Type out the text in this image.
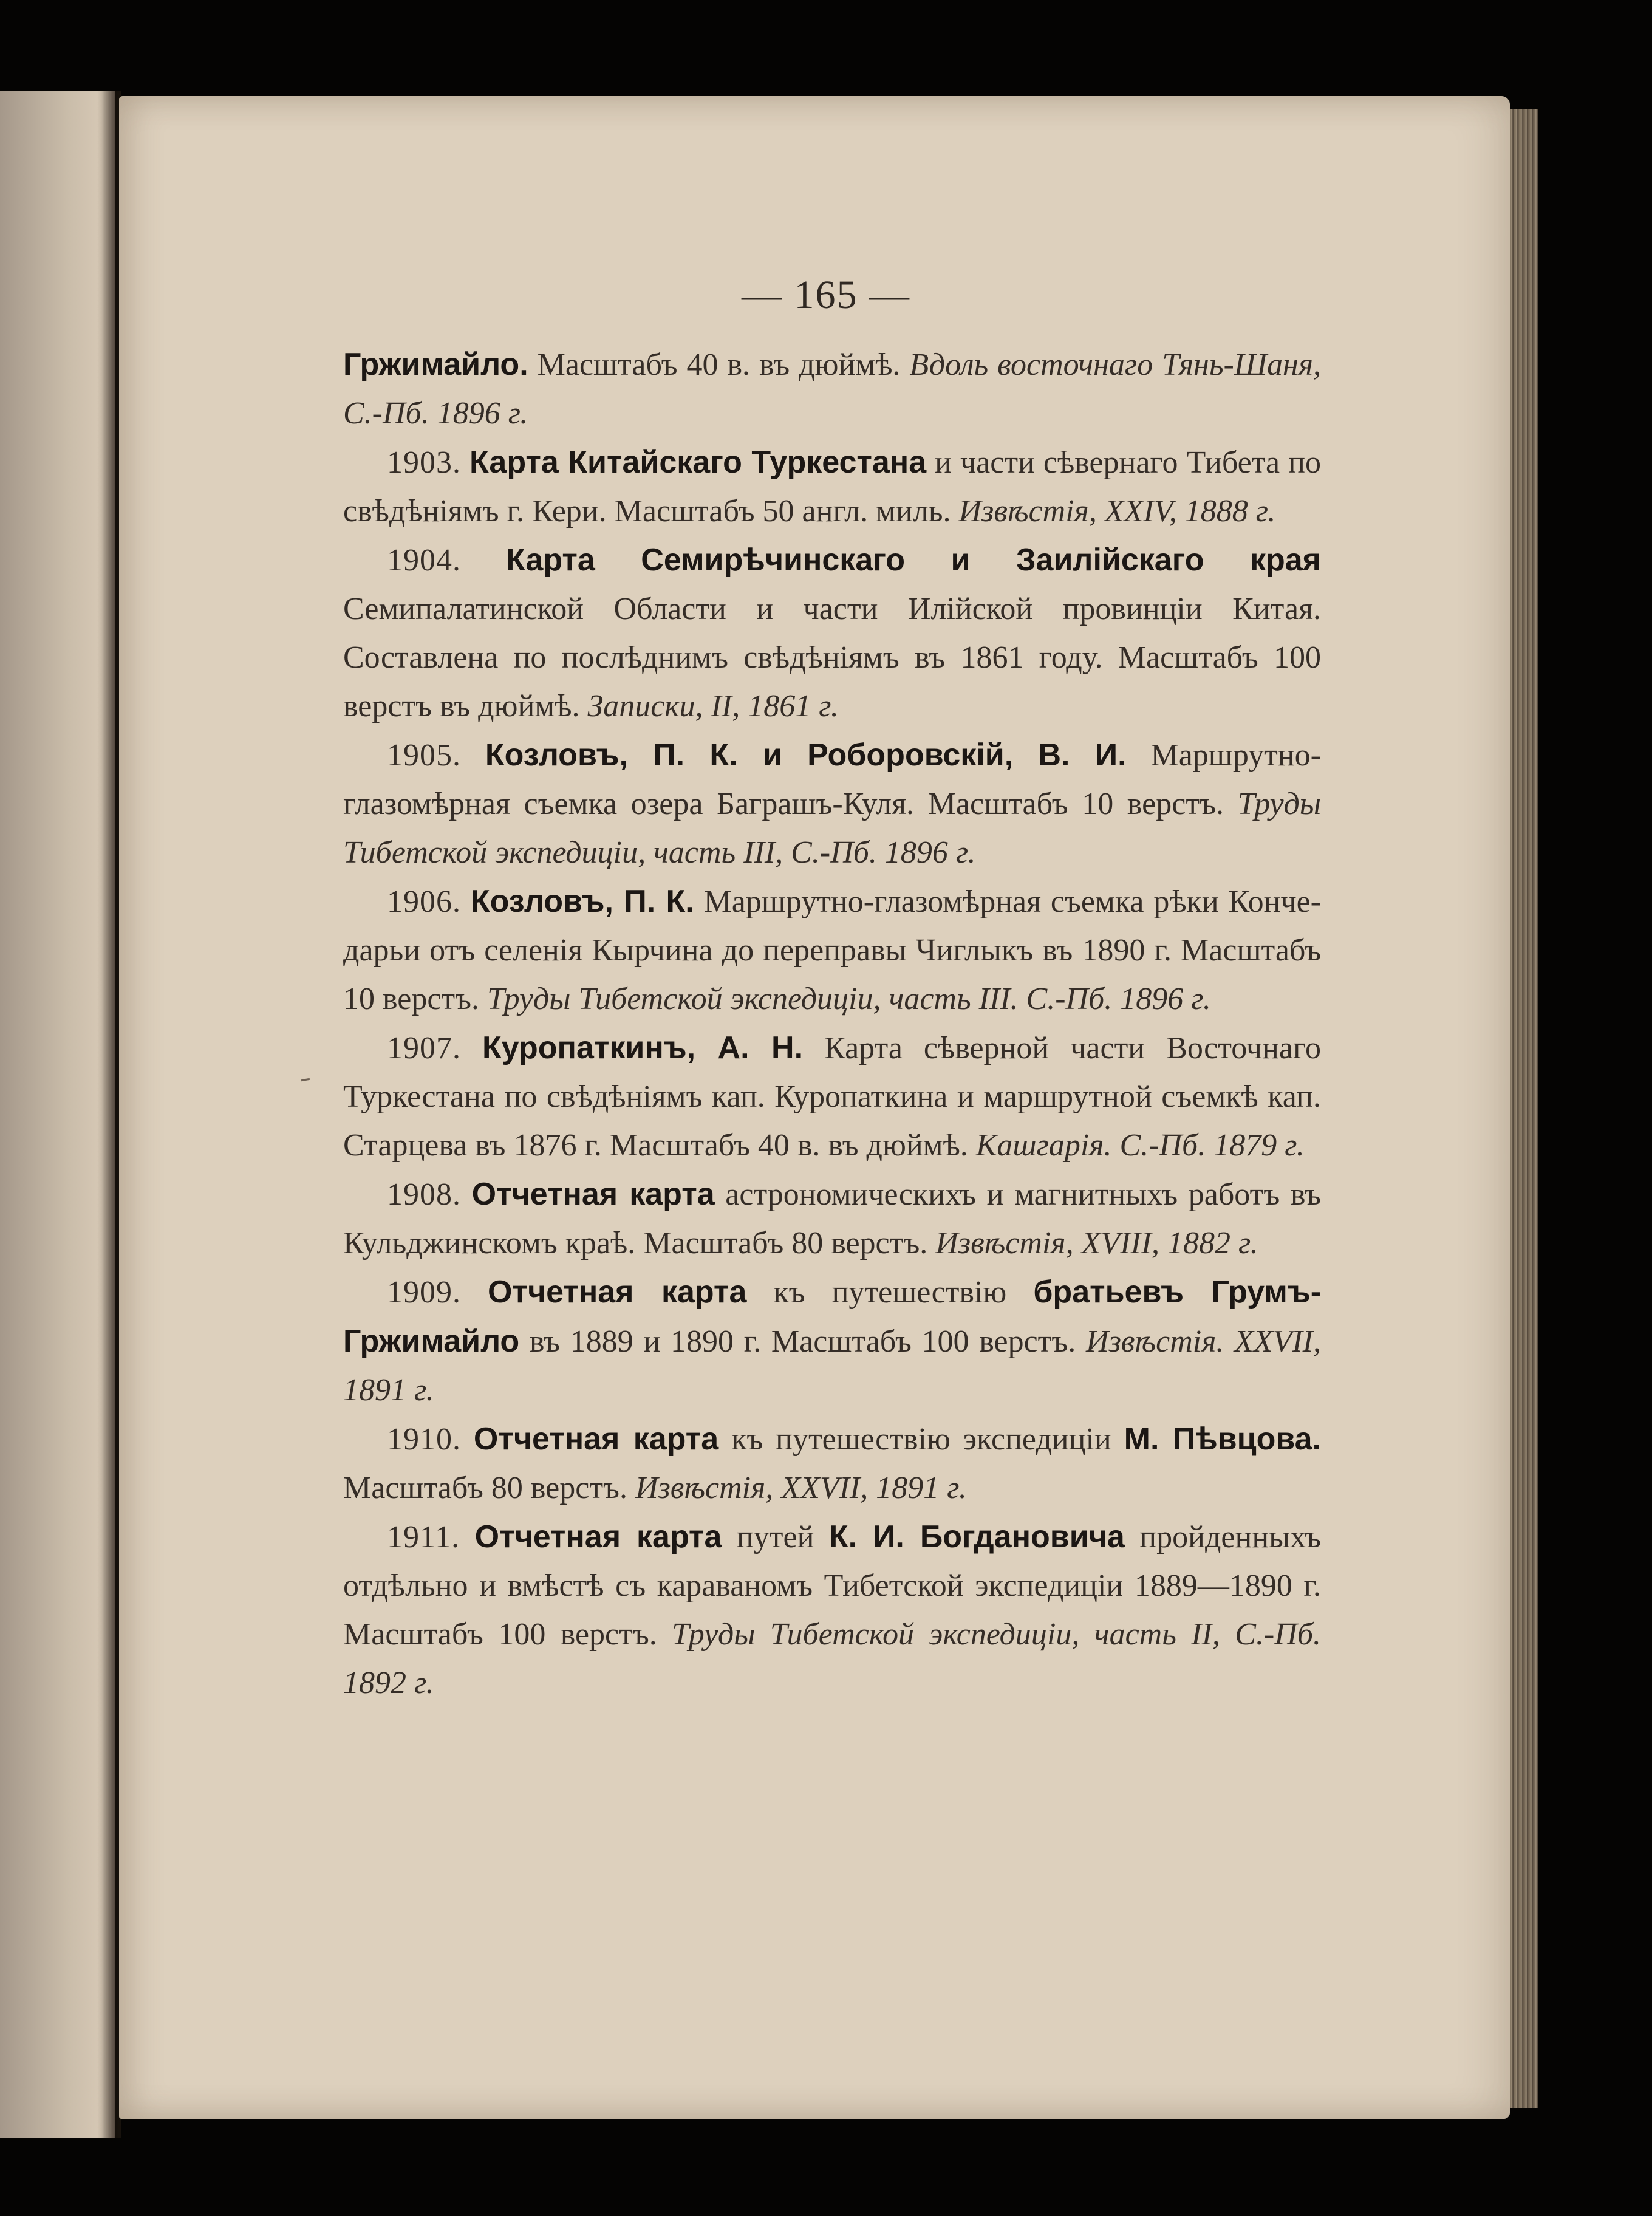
— 165 —

Гржимайло. Масштабъ 40 в. въ дюймѣ. Вдоль восточнаго Тянь-Шаня, С.-Пб. 1896 г.

1903. Карта Китайскаго Туркестана и части сѣвернаго Тибета по свѣдѣніямъ г. Кери. Масштабъ 50 англ. миль. Извѣстія, XXIV, 1888 г.

1904. Карта Семирѣчинскаго и Заилійскаго края Семипалатинской Области и части Илійской провинціи Китая. Составлена по послѣднимъ свѣдѣніямъ въ 1861 году. Масштабъ 100 верстъ въ дюймѣ. Записки, II, 1861 г.

1905. Козловъ, П. К. и Роборовскій, В. И. Маршрутно-глазомѣрная съемка озера Баграшъ-Куля. Масштабъ 10 верстъ. Труды Тибетской экспедиціи, часть III, С.-Пб. 1896 г.

1906. Козловъ, П. К. Маршрутно-глазомѣрная съемка рѣки Конче-дарьи отъ селенія Кырчина до переправы Чиглыкъ въ 1890 г. Масштабъ 10 верстъ. Труды Тибетской экспедиціи, часть III. С.-Пб. 1896 г.

1907. Куропаткинъ, А. Н. Карта сѣверной части Восточнаго Туркестана по свѣдѣніямъ кап. Куропаткина и маршрутной съемкѣ кап. Старцева въ 1876 г. Масштабъ 40 в. въ дюймѣ. Кашгарія. С.-Пб. 1879 г.

1908. Отчетная карта астрономическихъ и магнитныхъ работъ въ Кульджинскомъ краѣ. Масштабъ 80 верстъ. Извѣстія, XVIII, 1882 г.

1909. Отчетная карта къ путешествію братьевъ Грумъ-Гржимайло въ 1889 и 1890 г. Масштабъ 100 верстъ. Извѣстія. XXVII, 1891 г.

1910. Отчетная карта къ путешествію экспедиціи М. Пѣвцова. Масштабъ 80 верстъ. Извѣстія, XXVII, 1891 г.

1911. Отчетная карта путей К. И. Богдановича пройденныхъ отдѣльно и вмѣстѣ съ караваномъ Тибетской экспедиціи 1889—1890 г. Масштабъ 100 верстъ. Труды Тибетской экспедиціи, часть II, С.-Пб. 1892 г.
